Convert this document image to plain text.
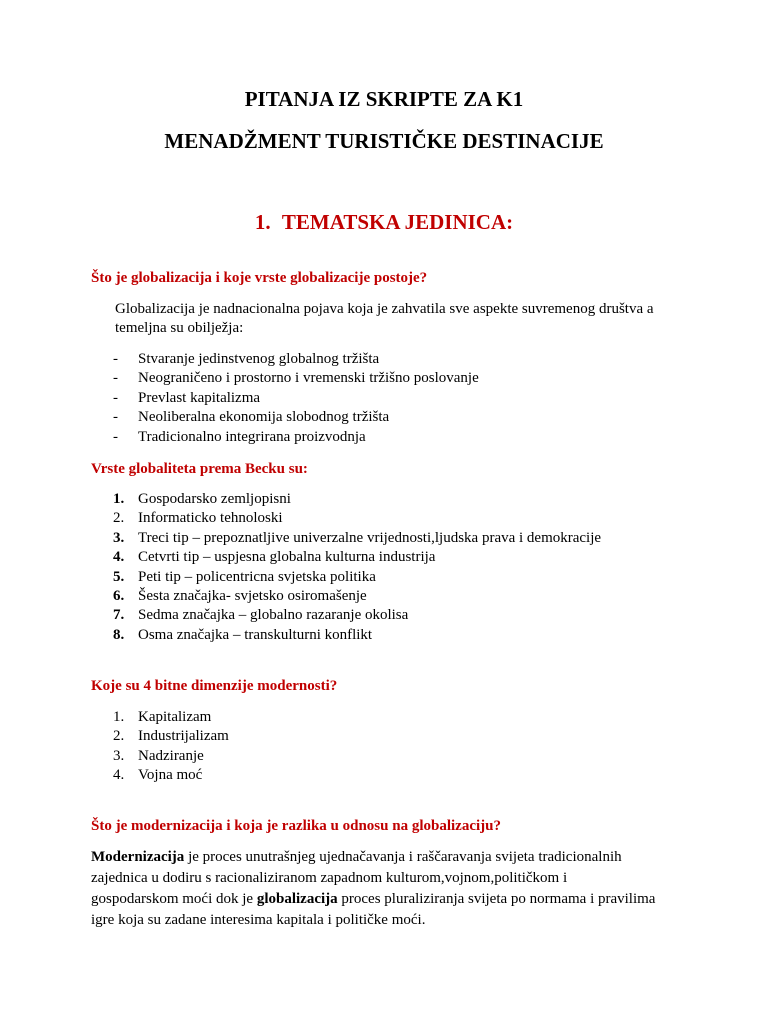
PITANJA IZ SKRIPTE ZA K1
MENADŽMENT TURISTIČKE DESTINACIJE
1. TEMATSKA JEDINICA:
Što je globalizacija i koje vrste globalizacije postoje?
Globalizacija je nadnacionalna pojava koja je zahvatila sve aspekte suvremenog društva a
temeljna su obilježja:
- Stvaranje jedinstvenog globalnog tržišta
- Neograničeno i prostorno i vremenski tržišno poslovanje
- Prevlast kapitalizma
- Neoliberalna ekonomija slobodnog tržišta
- Tradicionalno integrirana proizvodnja
Vrste globaliteta prema Becku su:
1. Gospodarsko zemljopisni
2. Informaticko tehnoloski
3. Treci tip – prepoznatljive univerzalne vrijednosti,ljudska prava i demokracije
4. Cetvrti tip – uspjesna globalna kulturna industrija
5. Peti tip – policentricna svjetska politika
6. Šesta značajka- svjetsko osiromašenje
7. Sedma značajka – globalno razaranje okolisa
8. Osma značajka – transkulturni konflikt
Koje su 4 bitne dimenzije modernosti?
1. Kapitalizam
2. Industrijalizam
3. Nadziranje
4. Vojna moć
Što je modernizacija i koja je razlika u odnosu na globalizaciju?
Modernizacija je proces unutrašnjeg ujednačavanja i raščaravanja svijeta tradicionalnih
zajednica u dodiru s racionaliziranom zapadnom kulturom,vojnom,političkom i
gospodarskom moći dok je globalizacija proces pluraliziranja svijeta po normama i pravilima
igre koja su zadane interesima kapitala i političke moći.
